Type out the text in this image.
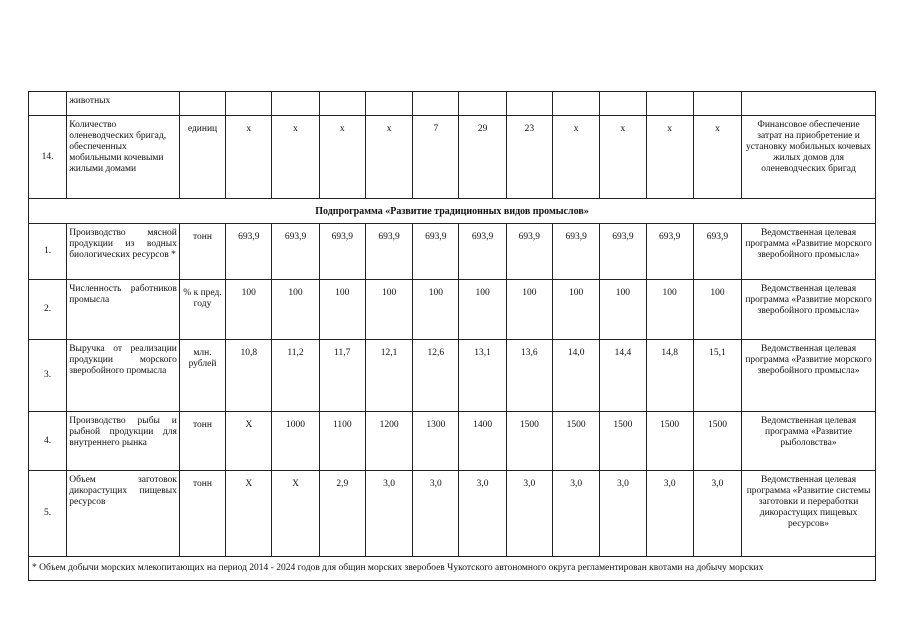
	животных													
14.	Количество оленеводческих бригад, обеспеченных мобильными кочевыми жилыми домами	единиц	х	х	х	х	7	29	23	х	х	х	х	Финансовое обеспечение затрат на приобретение и установку мобильных кочевых жилых домов для оленеводческих бригад
Подпрограмма «Развитие традиционных видов промыслов»														
1.	Производство мясной продукции из водных биологических ресурсов *	тонн	693,9	693,9	693,9	693,9	693,9	693,9	693,9	693,9	693,9	693,9	693,9	Ведомственная целевая программа «Развитие морского зверобойного промысла»
2.	Численность работников промысла	% к пред. году	100	100	100	100	100	100	100	100	100	100	100	Ведомственная целевая программа «Развитие морского зверобойного промысла»
3.	Выручка от реализации продукции морского зверобойного промысла	млн. рублей	10,8	11,2	11,7	12,1	12,6	13,1	13,6	14,0	14,4	14,8	15,1	Ведомственная целевая программа «Развитие морского зверобойного промысла»
4.	Производство рыбы и рыбной продукции для внутреннего рынка	тонн	Х	1000	1100	1200	1300	1400	1500	1500	1500	1500	1500	Ведомственная целевая программа «Развитие рыболовства»
5.	Объем заготовок дикорастущих пищевых ресурсов	тонн	Х	Х	2,9	3,0	3,0	3,0	3,0	3,0	3,0	3,0	3,0	Ведомственная целевая программа «Развитие системы заготовки и переработки дикорастущих пищевых ресурсов»
* Объем добычи морских млекопитающих на период 2014 - 2024 годов для общин морских зверобоев Чукотского автономного округа регламентирован квотами на добычу морских														
